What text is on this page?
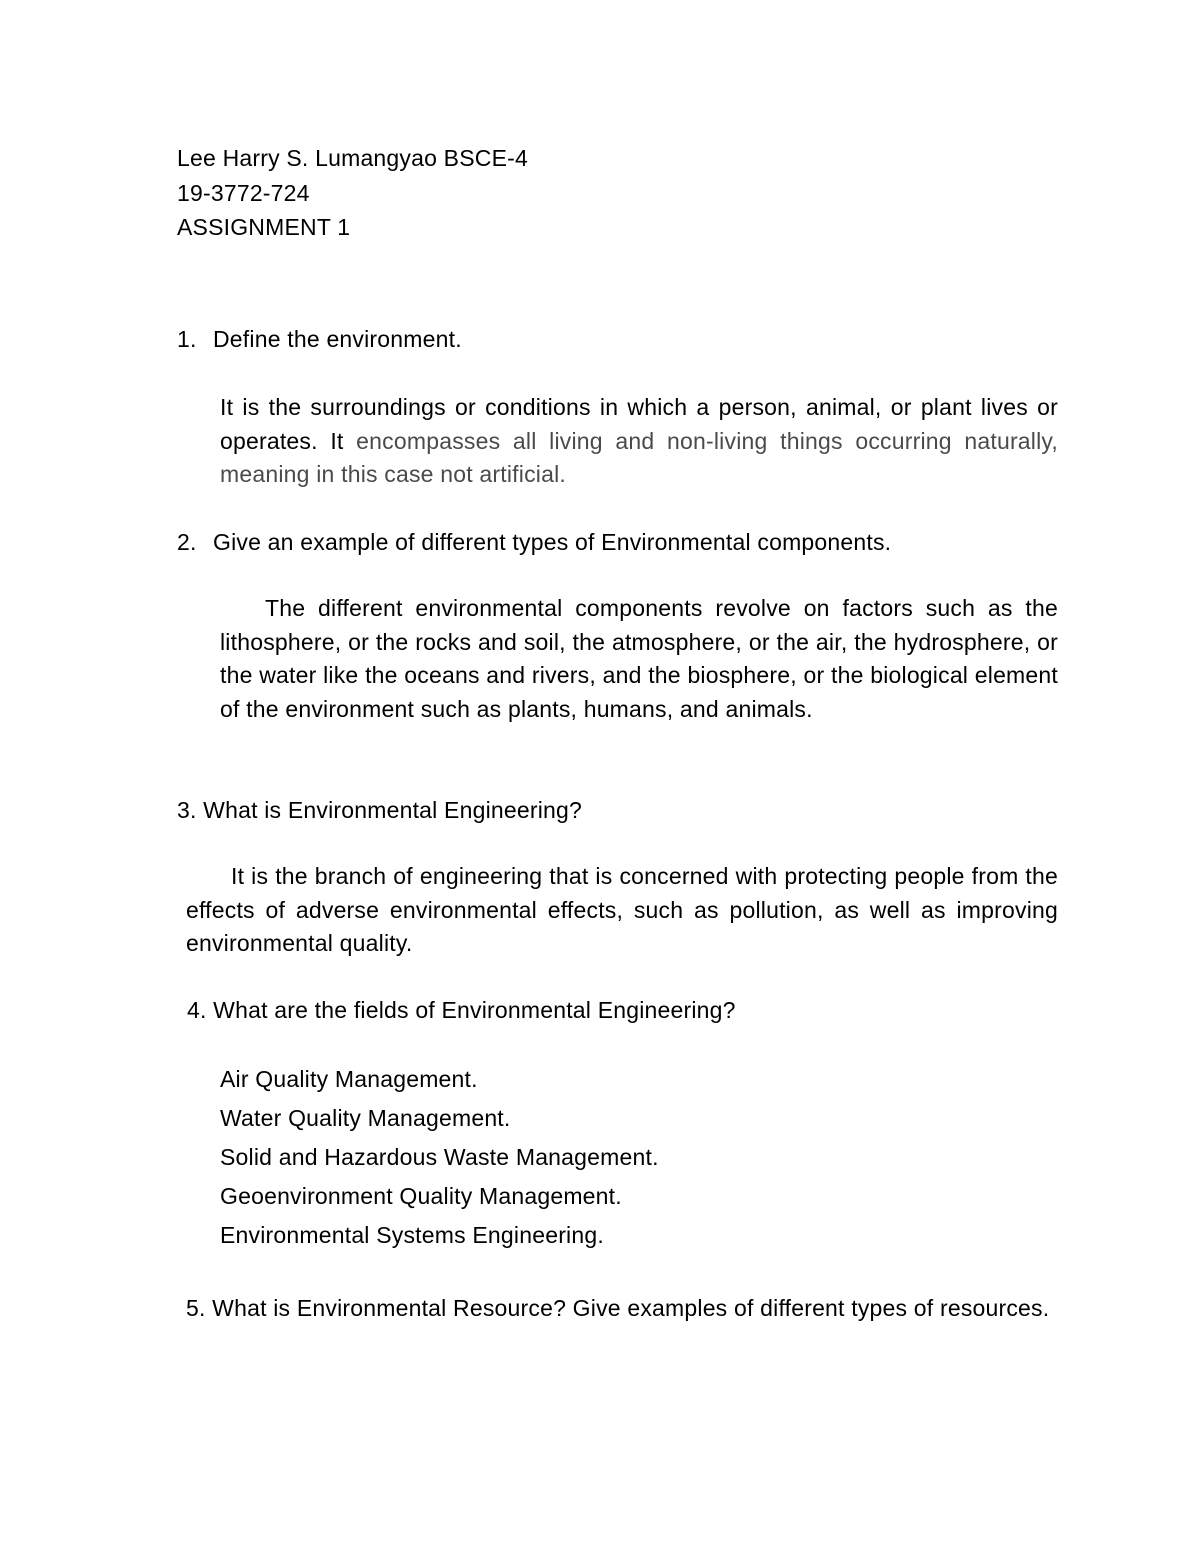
Lee Harry S. Lumangyao BSCE-4
19-3772-724
ASSIGNMENT 1
1. Define the environment.
It is the surroundings or conditions in which a person, animal, or plant lives or operates. It encompasses all living and non-living things occurring naturally, meaning in this case not artificial.
2. Give an example of different types of Environmental components.
The different environmental components revolve on factors such as the lithosphere, or the rocks and soil, the atmosphere, or the air, the hydrosphere, or the water like the oceans and rivers, and the biosphere, or the biological element of the environment such as plants, humans, and animals.
3. What is Environmental Engineering?
It is the branch of engineering that is concerned with protecting people from the effects of adverse environmental effects, such as pollution, as well as improving environmental quality.
4. What are the fields of Environmental Engineering?
Air Quality Management.
Water Quality Management.
Solid and Hazardous Waste Management.
Geoenvironment Quality Management.
Environmental Systems Engineering.
5. What is Environmental Resource? Give examples of different types of resources.
